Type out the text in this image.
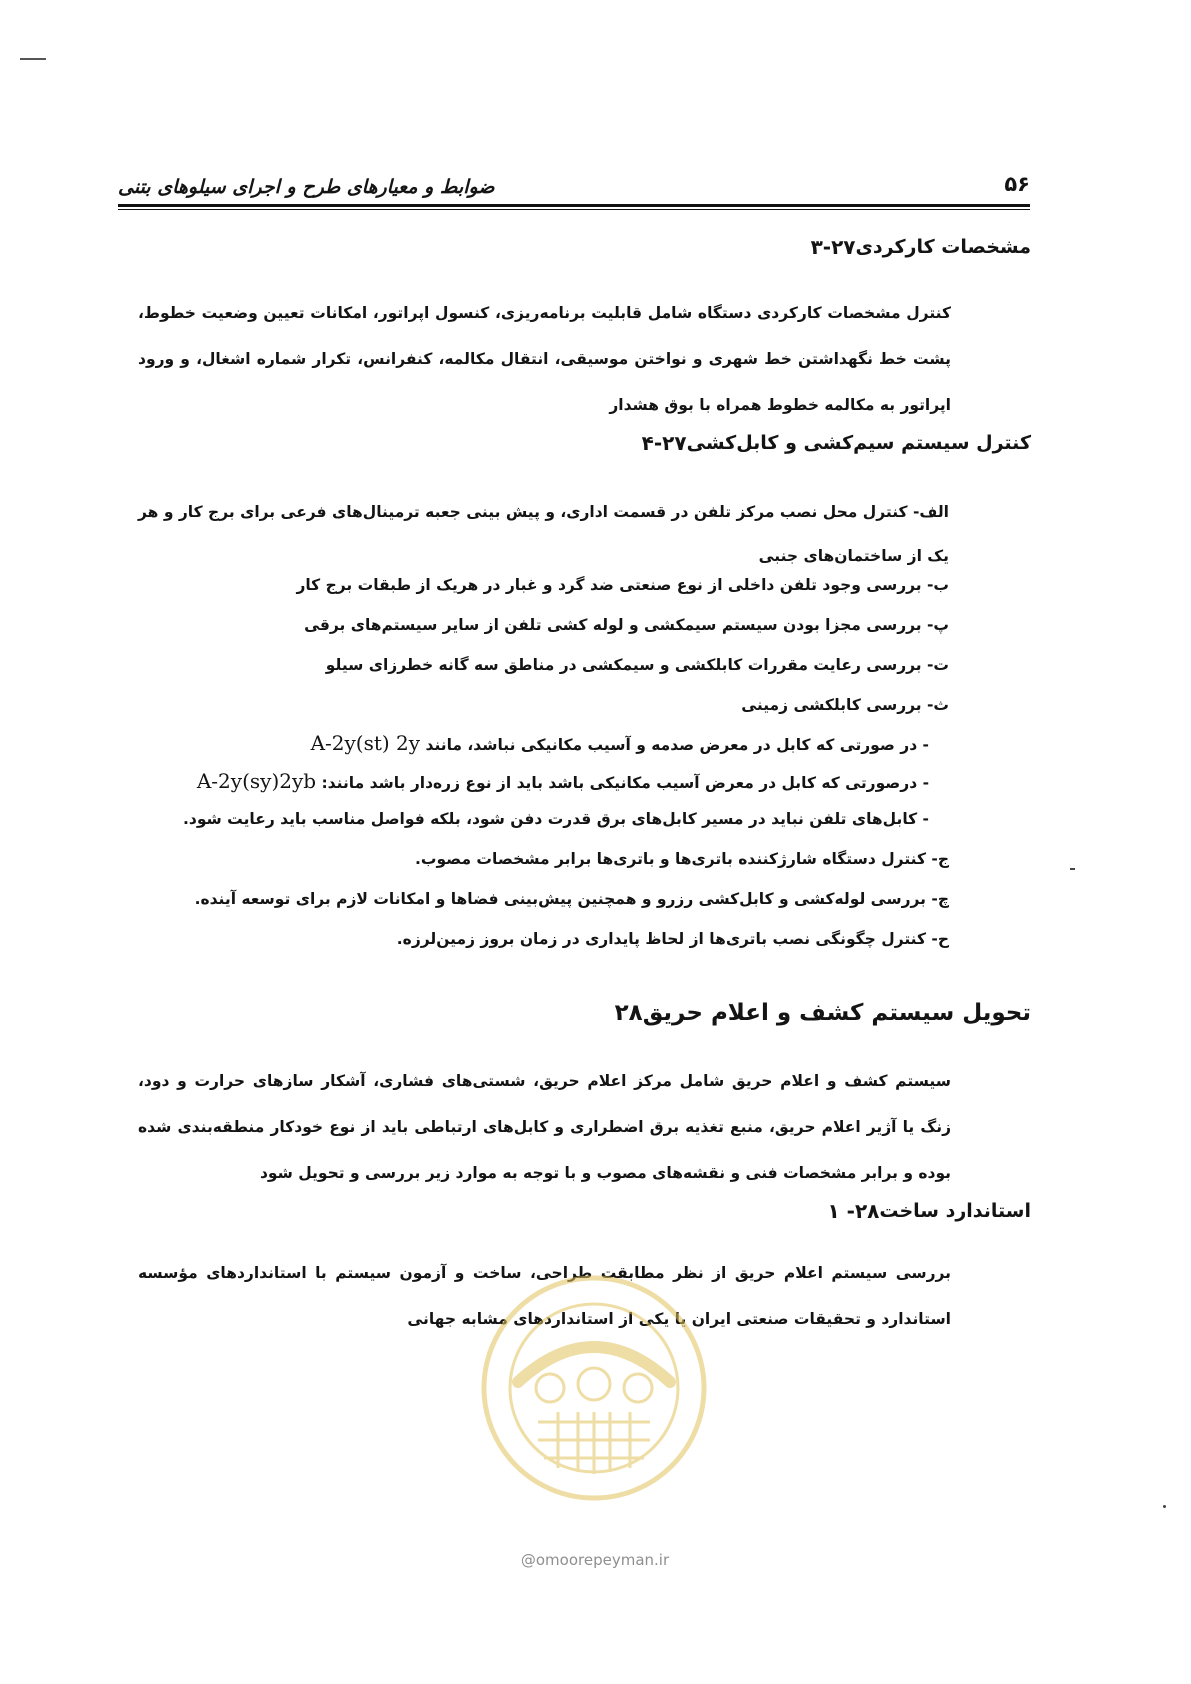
ضوابط و معیارهای طرح و اجرای سیلوهای بتنی	۵۶
۳-۲۷ مشخصات کارکردی
کنترل مشخصات کارکردی دستگاه شامل قابلیت برنامه‌ریزی، کنسول اپراتور، امکانات تعیین وضعیت خطوط، پشت خط نگهداشتن خط شهری و نواختن موسیقی، انتقال مکالمه، کنفرانس، تکرار شماره اشغال، و ورود اپراتور به مکالمه خطوط همراه با بوق هشدار
۴-۲۷ کنترل سیستم سیم‌کشی و کابل‌کشی
الف- کنترل محل نصب مرکز تلفن در قسمت اداری، و پیش بینی جعبه ترمینال‌های فرعی برای برج کار و هر یک از ساختمان‌های جنبی
ب- بررسی وجود تلفن داخلی از نوع صنعتی ضد گرد و غبار در هریک از طبقات برج کار
پ- بررسی مجزا بودن سیستم سیمکشی و لوله کشی تلفن از سایر سیستم‌های برقی
ت- بررسی رعایت مقررات کابلکشی و سیمکشی در مناطق سه گانه خطرزای سیلو
ث- بررسی کابلکشی زمینی
- در صورتی که کابل در معرض صدمه و آسیب مکانیکی نباشد، مانند A-2y(st) 2y
- درصورتی که کابل در معرض آسیب مکانیکی باشد باید از نوع زره‌دار باشد مانند: A-2y(sy)2yb
- کابل‌های تلفن نباید در مسیر کابل‌های برق قدرت دفن شود، بلکه فواصل مناسب باید رعایت شود.
ج- کنترل دستگاه شارژکننده باتری‌ها و باتری‌ها برابر مشخصات مصوب.
چ- بررسی لوله‌کشی و کابل‌کشی رزرو و همچنین پیش‌بینی فضاها و امکانات لازم برای توسعه آینده.
ح- کنترل چگونگی نصب باتری‌ها از لحاظ پایداری در زمان بروز زمین‌لرزه.
۲۸ تحویل سیستم کشف و اعلام حریق
سیستم کشف و اعلام حریق شامل مرکز اعلام حریق، شستی‌های فشاری، آشکار سازهای حرارت و دود، زنگ یا آژیر اعلام حریق، منبع تغذیه برق اضطراری و کابل‌های ارتباطی باید از نوع خودکار منطقه‌بندی شده بوده و برابر مشخصات فنی و نقشه‌های مصوب و با توجه به موارد زیر بررسی و تحویل شود
۲۸- ۱ استاندارد ساخت
بررسی سیستم اعلام حریق از نظر مطابقت طراحی، ساخت و آزمون سیستم با استانداردهای مؤسسه استاندارد و تحقیقات صنعتی ایران یا یکی از استانداردهای مشابه جهانی
@omoorepeyman.ir
